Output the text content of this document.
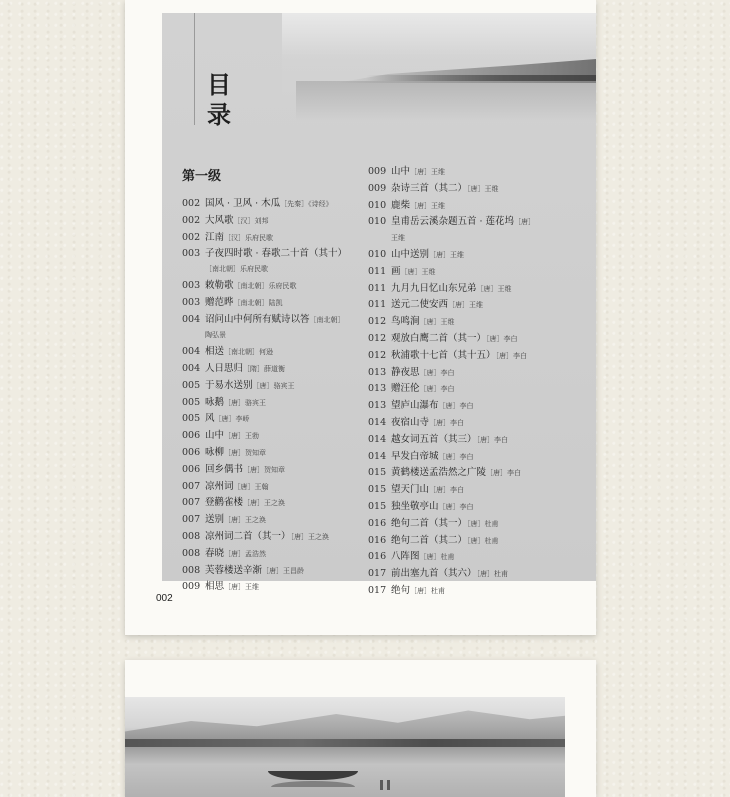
目
录
第一级
002 国风 · 卫风 · 木瓜［先秦］《诗经》
002 大风歌［汉］刘邦
002 江南［汉］乐府民歌
003 子夜四时歌 · 春歌二十首（其十）
［南北朝］乐府民歌
003 敕勒歌［南北朝］乐府民歌
003 赠范晔［南北朝］陆凯
004 诏问山中何所有赋诗以答［南北朝］
陶弘景
004 相送［南北朝］何逊
004 人日思归［隋］薛道衡
005 于易水送别［唐］骆宾王
005 咏鹅［唐］骆宾王
005 风［唐］李峤
006 山中［唐］王勃
006 咏柳［唐］贺知章
006 回乡偶书［唐］贺知章
007 凉州词［唐］王翰
007 登鹳雀楼［唐］王之涣
007 送别［唐］王之涣
008 凉州词二首（其一）［唐］王之涣
008 春晓［唐］孟浩然
008 芙蓉楼送辛渐［唐］王昌龄
009 相思［唐］王维
009 山中［唐］王维
009 杂诗三首（其二）［唐］王维
010 鹿柴［唐］王维
010 皇甫岳云溪杂题五首 · 莲花坞［唐］
王维
010 山中送别［唐］王维
011 画［唐］王维
011 九月九日忆山东兄弟［唐］王维
011 送元二使安西［唐］王维
012 鸟鸣涧［唐］王维
012 观放白鹰二首（其一）［唐］李白
012 秋浦歌十七首（其十五）［唐］李白
013 静夜思［唐］李白
013 赠汪伦［唐］李白
013 望庐山瀑布［唐］李白
014 夜宿山寺［唐］李白
014 越女词五首（其三）［唐］李白
014 早发白帝城［唐］李白
015 黄鹤楼送孟浩然之广陵［唐］李白
015 望天门山［唐］李白
015 独坐敬亭山［唐］李白
016 绝句二首（其一）［唐］杜甫
016 绝句二首（其二）［唐］杜甫
016 八阵图［唐］杜甫
017 前出塞九首（其六）［唐］杜甫
017 绝句［唐］杜甫
002
